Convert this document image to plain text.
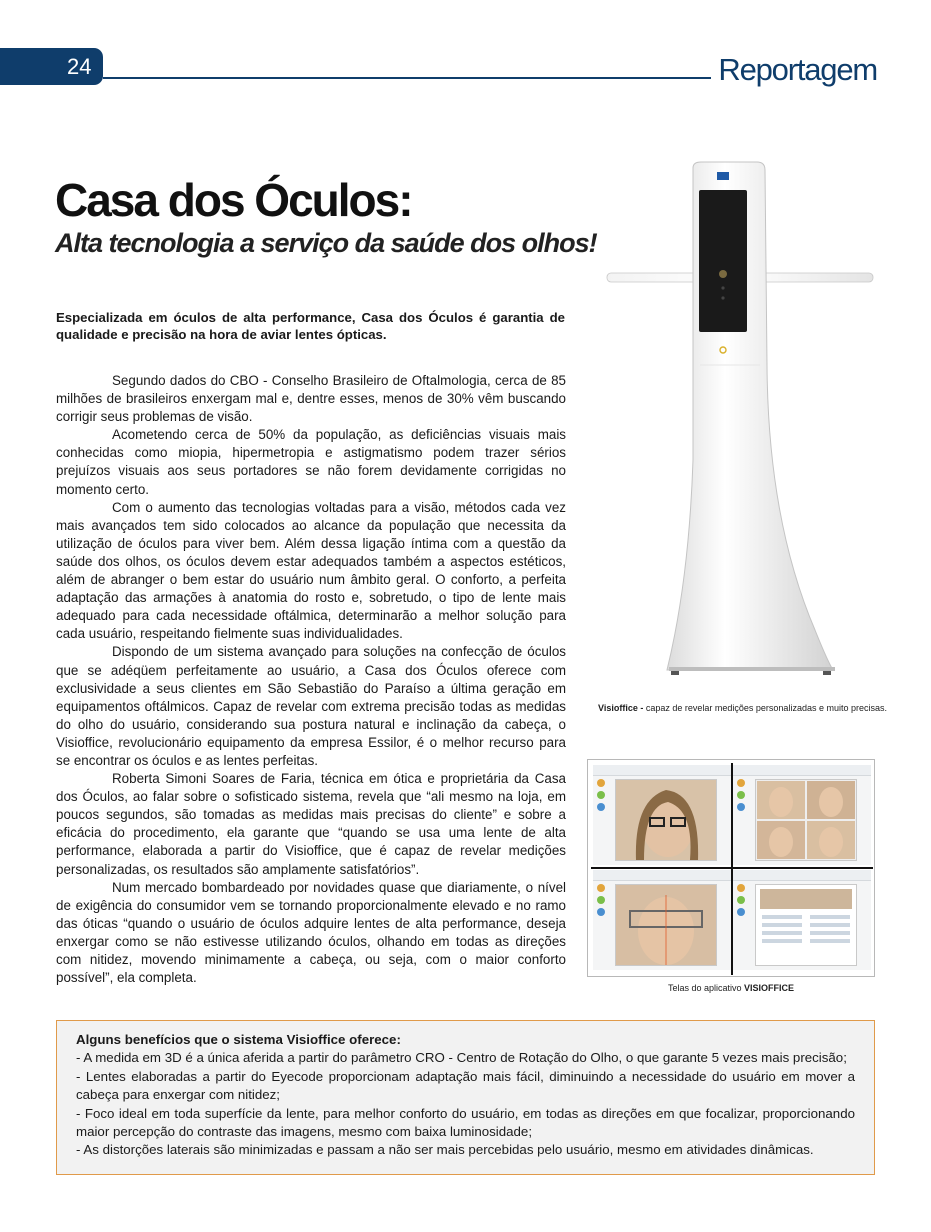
24	Reportagem
Casa dos Óculos:
Alta tecnologia a serviço da saúde dos olhos!

Especializada em óculos de alta performance, Casa dos Óculos é garantia de qualidade e precisão na hora de aviar lentes ópticas.

Segundo dados do CBO - Conselho Brasileiro de Oftalmologia, cerca de 85 milhões de brasileiros enxergam mal e, dentre esses, menos de 30% vêm buscando corrigir seus problemas de visão.

Acometendo cerca de 50% da população, as deficiências visuais mais conhecidas como miopia, hipermetropia e astigmatismo podem trazer sérios prejuízos visuais aos seus portadores se não forem devidamente corrigidas no momento certo.

Com o aumento das tecnologias voltadas para a visão, métodos cada vez mais avançados tem sido colocados ao alcance da população que necessita da utilização de óculos para viver bem. Além dessa ligação íntima com a questão da saúde dos olhos, os óculos devem estar adequados também a aspectos estéticos, além de abranger o bem estar do usuário num âmbito geral. O conforto, a perfeita adaptação das armações à anatomia do rosto e, sobretudo, o tipo de lente mais adequado para cada necessidade oftálmica, determinarão a melhor solução para cada usuário, respeitando fielmente suas individualidades.

Dispondo de um sistema avançado para soluções na confecção de óculos que se adéqüem perfeitamente ao usuário, a Casa dos Óculos oferece com exclusividade a seus clientes em São Sebastião do Paraíso a última geração em equipamentos oftálmicos. Capaz de revelar com extrema precisão todas as medidas do olho do usuário, considerando sua postura natural e inclinação da cabeça, o Visioffice, revolucionário equipamento da empresa Essilor, é o melhor recurso para se encontrar os óculos e as lentes perfeitas.

Roberta Simoni Soares de Faria, técnica em ótica e proprietária da Casa dos Óculos, ao falar sobre o sofisticado sistema, revela que “ali mesmo na loja, em poucos segundos, são tomadas as medidas mais precisas do cliente” e sobre a eficácia do procedimento, ela garante que “quando se usa uma lente de alta performance, elaborada a partir do Visioffice, que é capaz de revelar medições personalizadas, os resultados são amplamente satisfatórios”.

Num mercado bombardeado por novidades quase que diariamente, o nível de exigência do consumidor vem se tornando proporcionalmente elevado e no ramo das óticas “quando o usuário de óculos adquire lentes de alta performance, deseja enxergar como se não estivesse utilizando óculos, olhando em todas as direções com nitidez, movendo minimamente a cabeça, ou seja, com o maior conforto possível”, ela completa.

Visioffice - capaz de revelar medições personalizadas e muito precisas.
Telas do aplicativo VISIOFFICE

Alguns benefícios que o sistema Visioffice oferece:

- A medida em 3D é a única aferida a partir do parâmetro CRO - Centro de Rotação do Olho, o que garante 5 vezes mais precisão;

- Lentes elaboradas a partir do Eyecode proporcionam adaptação mais fácil, diminuindo a necessidade do usuário em mover a cabeça para enxergar com nitidez;

- Foco ideal em toda superfície da lente, para melhor conforto do usuário, em todas as direções em que focalizar, proporcionando maior percepção do contraste das imagens, mesmo com baixa luminosidade;

- As distorções laterais são minimizadas e passam a não ser mais percebidas pelo usuário, mesmo em atividades dinâmicas.
